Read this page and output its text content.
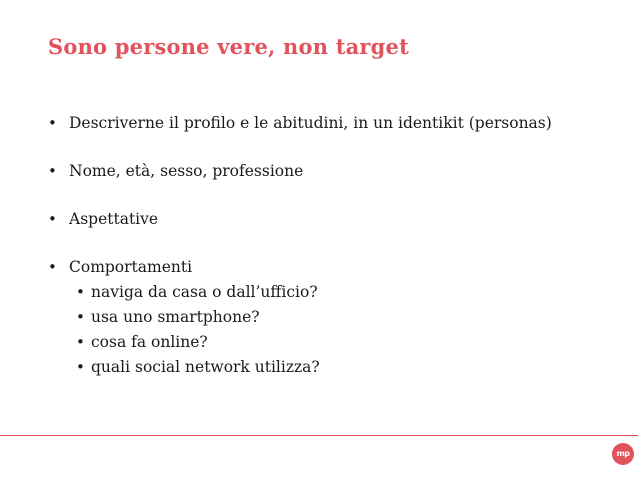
Sono persone vere, non target
• Descriverne il profilo e le abitudini, in un identikit (personas)
• Nome, età, sesso, professione
• Aspettative
• Comportamenti
• naviga da casa o dall’ufficio?
• usa uno smartphone?
• cosa fa online?
• quali social network utilizza?
mp
